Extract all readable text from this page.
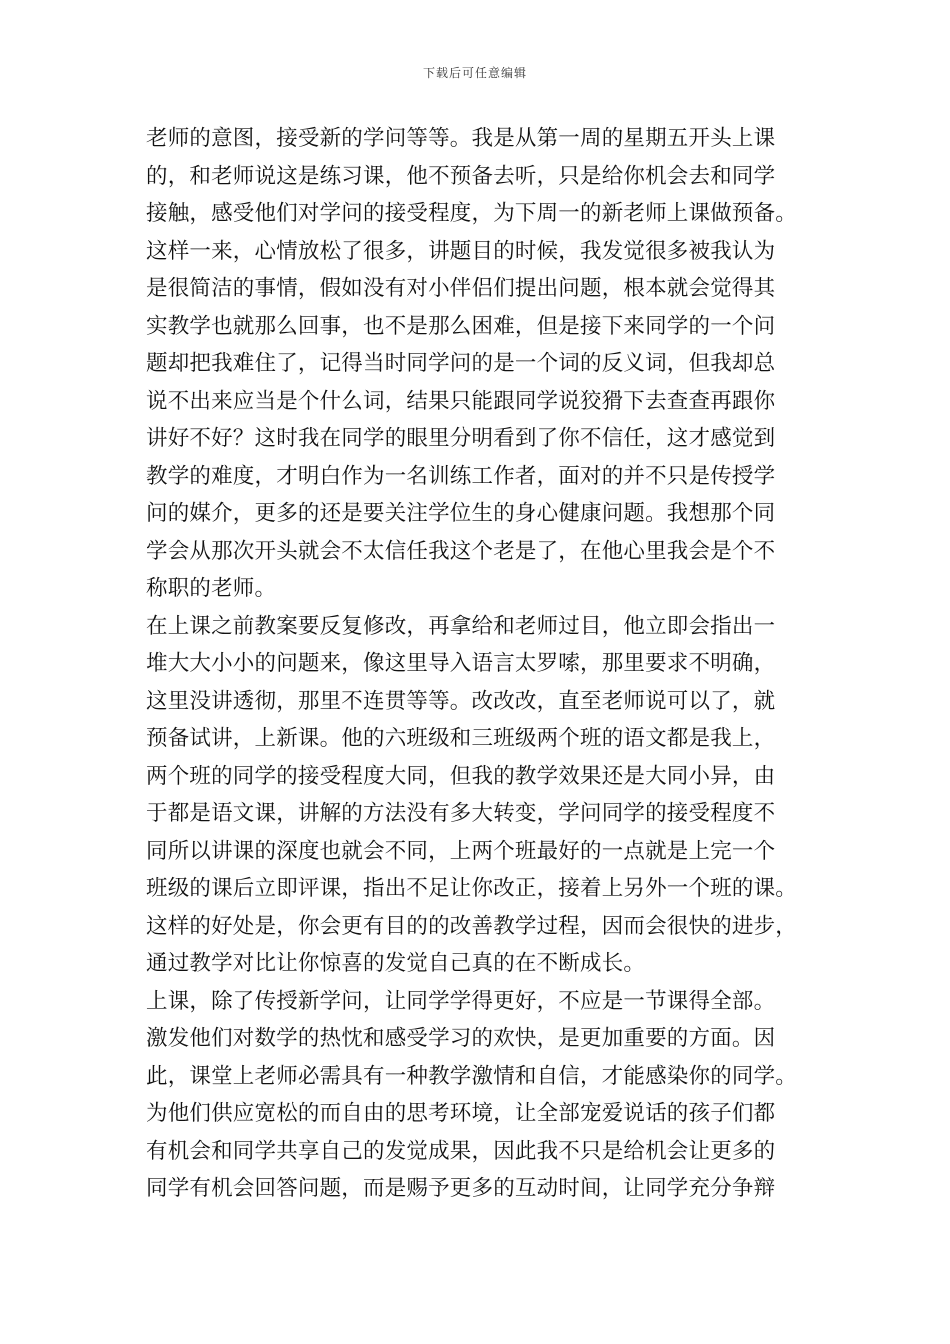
下载后可任意编辑
老师的意图，接受新的学问等等。我是从第一周的星期五开头上课
的，和老师说这是练习课，他不预备去听，只是给你机会去和同学
接触，感受他们对学问的接受程度，为下周一的新老师上课做预备。
这样一来，心情放松了很多，讲题目的时候，我发觉很多被我认为
是很简洁的事情，假如没有对小伴侣们提出问题，根本就会觉得其
实教学也就那么回事，也不是那么困难，但是接下来同学的一个问
题却把我难住了，记得当时同学问的是一个词的反义词，但我却总
说不出来应当是个什么词，结果只能跟同学说狡猾下去查查再跟你
讲好不好？这时我在同学的眼里分明看到了你不信任，这才感觉到
教学的难度，才明白作为一名训练工作者，面对的并不只是传授学
问的媒介，更多的还是要关注学位生的身心健康问题。我想那个同
学会从那次开头就会不太信任我这个老是了，在他心里我会是个不
称职的老师。
在上课之前教案要反复修改，再拿给和老师过目，他立即会指出一
堆大大小小的问题来，像这里导入语言太罗嗦，那里要求不明确，
这里没讲透彻，那里不连贯等等。改改改，直至老师说可以了，就
预备试讲，上新课。他的六班级和三班级两个班的语文都是我上，
两个班的同学的接受程度大同，但我的教学效果还是大同小异，由
于都是语文课，讲解的方法没有多大转变，学问同学的接受程度不
同所以讲课的深度也就会不同，上两个班最好的一点就是上完一个
班级的课后立即评课，指出不足让你改正，接着上另外一个班的课。
这样的好处是，你会更有目的的改善教学过程，因而会很快的进步，
通过教学对比让你惊喜的发觉自己真的在不断成长。
上课，除了传授新学问，让同学学得更好，不应是一节课得全部。
激发他们对数学的热忱和感受学习的欢快，是更加重要的方面。因
此，课堂上老师必需具有一种教学激情和自信，才能感染你的同学。
为他们供应宽松的而自由的思考环境，让全部宠爱说话的孩子们都
有机会和同学共享自己的发觉成果，因此我不只是给机会让更多的
同学有机会回答问题，而是赐予更多的互动时间，让同学充分争辩
